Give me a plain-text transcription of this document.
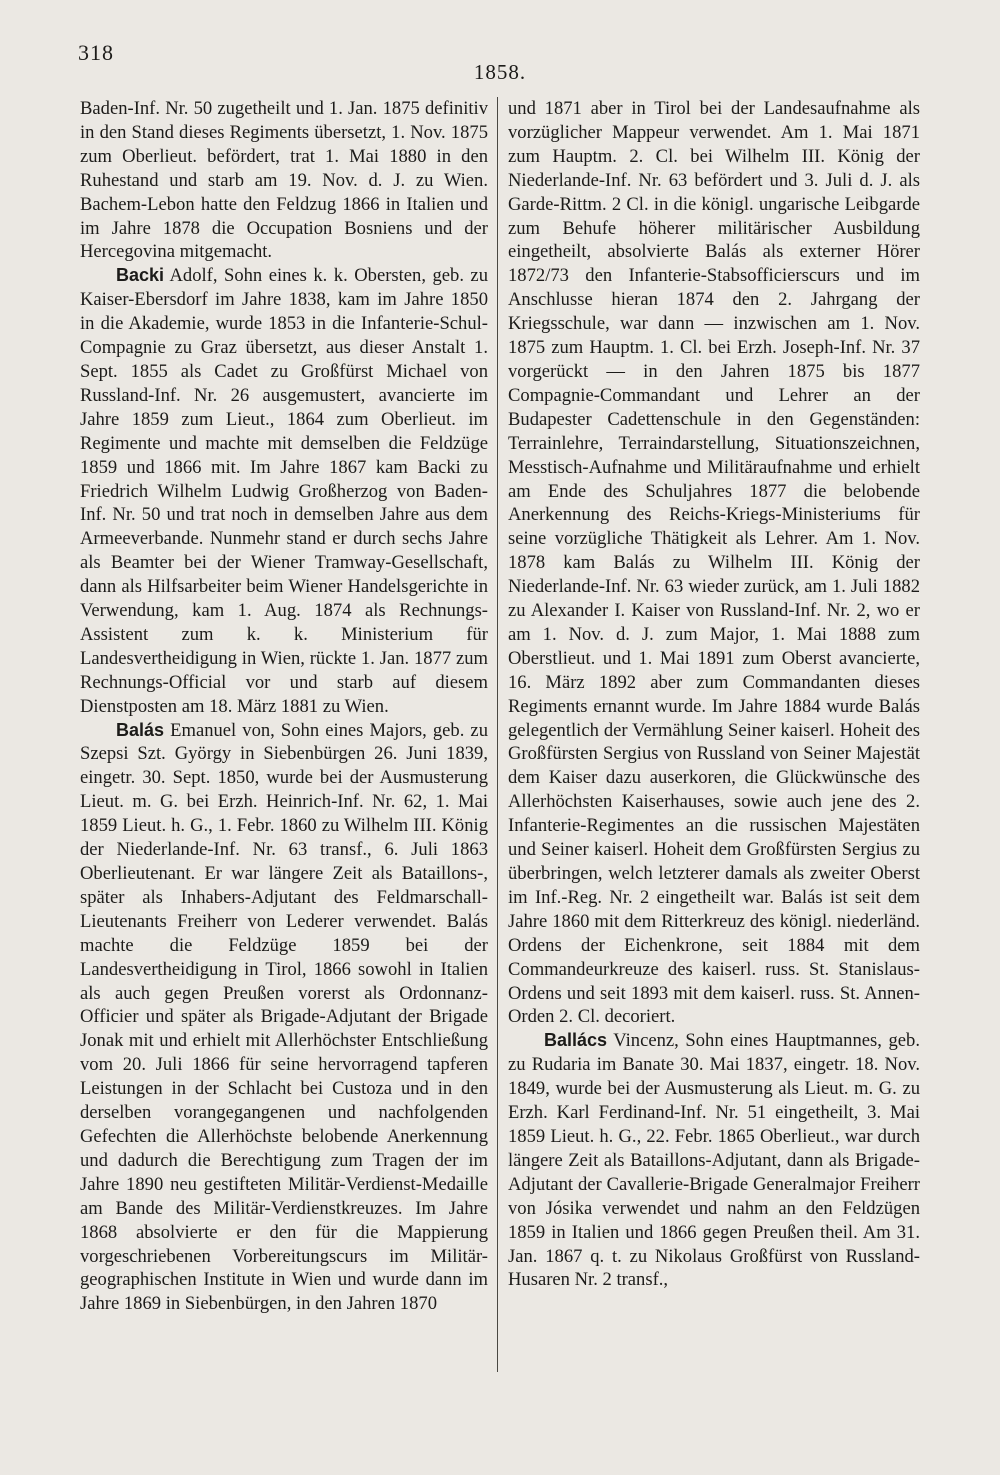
318
1858.

Baden-Inf. Nr. 50 zugetheilt und 1. Jan. 1875 definitiv in den Stand dieses Regiments übersetzt, 1. Nov. 1875 zum Oberlieut. befördert, trat 1. Mai 1880 in den Ruhestand und starb am 19. Nov. d. J. zu Wien. Bachem-Lebon hatte den Feldzug 1866 in Italien und im Jahre 1878 die Occupation Bosniens und der Hercegovina mitgemacht.

Backi Adolf, Sohn eines k. k. Obersten, geb. zu Kaiser-Ebersdorf im Jahre 1838, kam im Jahre 1850 in die Akademie, wurde 1853 in die Infanterie-Schul-Compagnie zu Graz übersetzt, aus dieser Anstalt 1. Sept. 1855 als Cadet zu Großfürst Michael von Russland-Inf. Nr. 26 ausgemustert, avancierte im Jahre 1859 zum Lieut., 1864 zum Oberlieut. im Regimente und machte mit demselben die Feldzüge 1859 und 1866 mit. Im Jahre 1867 kam Backi zu Friedrich Wilhelm Ludwig Großherzog von Baden-Inf. Nr. 50 und trat noch in demselben Jahre aus dem Armeeverbande. Nunmehr stand er durch sechs Jahre als Beamter bei der Wiener Tramway-Gesellschaft, dann als Hilfsarbeiter beim Wiener Handelsgerichte in Verwendung, kam 1. Aug. 1874 als Rechnungs-Assistent zum k. k. Ministerium für Landesvertheidigung in Wien, rückte 1. Jan. 1877 zum Rechnungs-Official vor und starb auf diesem Dienstposten am 18. März 1881 zu Wien.

Balás Emanuel von, Sohn eines Majors, geb. zu Szepsi Szt. György in Siebenbürgen 26. Juni 1839, eingetr. 30. Sept. 1850, wurde bei der Ausmusterung Lieut. m. G. bei Erzh. Heinrich-Inf. Nr. 62, 1. Mai 1859 Lieut. h. G., 1. Febr. 1860 zu Wilhelm III. König der Niederlande-Inf. Nr. 63 transf., 6. Juli 1863 Oberlieutenant. Er war längere Zeit als Bataillons-, später als Inhabers-Adjutant des Feldmarschall-Lieutenants Freiherr von Lederer verwendet. Balás machte die Feldzüge 1859 bei der Landesvertheidigung in Tirol, 1866 sowohl in Italien als auch gegen Preußen vorerst als Ordonnanz-Officier und später als Brigade-Adjutant der Brigade Jonak mit und erhielt mit Allerhöchster Entschließung vom 20. Juli 1866 für seine hervorragend tapferen Leistungen in der Schlacht bei Custoza und in den derselben vorangegangenen und nachfolgenden Gefechten die Allerhöchste belobende Anerkennung und dadurch die Berechtigung zum Tragen der im Jahre 1890 neu gestifteten Militär-Verdienst-Medaille am Bande des Militär-Verdienstkreuzes. Im Jahre 1868 absolvierte er den für die Mappierung vorgeschriebenen Vorbereitungscurs im Militär-geographischen Institute in Wien und wurde dann im Jahre 1869 in Siebenbürgen, in den Jahren 1870

und 1871 aber in Tirol bei der Landesaufnahme als vorzüglicher Mappeur verwendet. Am 1. Mai 1871 zum Hauptm. 2. Cl. bei Wilhelm III. König der Niederlande-Inf. Nr. 63 befördert und 3. Juli d. J. als Garde-Rittm. 2 Cl. in die königl. ungarische Leibgarde zum Behufe höherer militärischer Ausbildung eingetheilt, absolvierte Balás als externer Hörer 1872/73 den Infanterie-Stabsofficierscurs und im Anschlusse hieran 1874 den 2. Jahrgang der Kriegsschule, war dann — inzwischen am 1. Nov. 1875 zum Hauptm. 1. Cl. bei Erzh. Joseph-Inf. Nr. 37 vorgerückt — in den Jahren 1875 bis 1877 Compagnie-Commandant und Lehrer an der Budapester Cadettenschule in den Gegenständen: Terrainlehre, Terraindarstellung, Situationszeichnen, Messtisch-Aufnahme und Militäraufnahme und erhielt am Ende des Schuljahres 1877 die belobende Anerkennung des Reichs-Kriegs-Ministeriums für seine vorzügliche Thätigkeit als Lehrer. Am 1. Nov. 1878 kam Balás zu Wilhelm III. König der Niederlande-Inf. Nr. 63 wieder zurück, am 1. Juli 1882 zu Alexander I. Kaiser von Russland-Inf. Nr. 2, wo er am 1. Nov. d. J. zum Major, 1. Mai 1888 zum Oberstlieut. und 1. Mai 1891 zum Oberst avancierte, 16. März 1892 aber zum Commandanten dieses Regiments ernannt wurde. Im Jahre 1884 wurde Balás gelegentlich der Vermählung Seiner kaiserl. Hoheit des Großfürsten Sergius von Russland von Seiner Majestät dem Kaiser dazu auserkoren, die Glückwünsche des Allerhöchsten Kaiserhauses, sowie auch jene des 2. Infanterie-Regimentes an die russischen Majestäten und Seiner kaiserl. Hoheit dem Großfürsten Sergius zu überbringen, welch letzterer damals als zweiter Oberst im Inf.-Reg. Nr. 2 eingetheilt war. Balás ist seit dem Jahre 1860 mit dem Ritterkreuz des königl. niederländ. Ordens der Eichenkrone, seit 1884 mit dem Commandeurkreuze des kaiserl. russ. St. Stanislaus-Ordens und seit 1893 mit dem kaiserl. russ. St. Annen-Orden 2. Cl. decoriert.

Ballács Vincenz, Sohn eines Hauptmannes, geb. zu Rudaria im Banate 30. Mai 1837, eingetr. 18. Nov. 1849, wurde bei der Ausmusterung als Lieut. m. G. zu Erzh. Karl Ferdinand-Inf. Nr. 51 eingetheilt, 3. Mai 1859 Lieut. h. G., 22. Febr. 1865 Oberlieut., war durch längere Zeit als Bataillons-Adjutant, dann als Brigade-Adjutant der Cavallerie-Brigade Generalmajor Freiherr von Jósika verwendet und nahm an den Feldzügen 1859 in Italien und 1866 gegen Preußen theil. Am 31. Jan. 1867 q. t. zu Nikolaus Großfürst von Russland-Husaren Nr. 2 transf.,
